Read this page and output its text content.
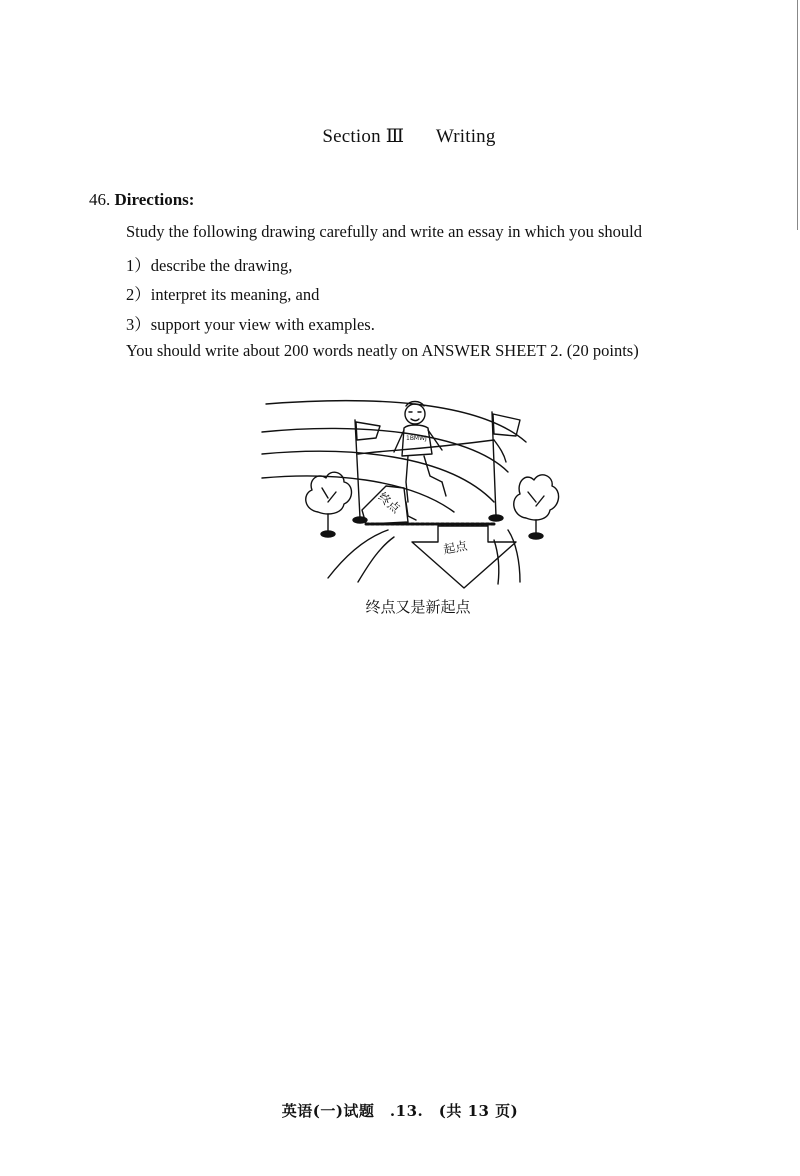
Section Ⅲ Writing
46. Directions:
Study the following drawing carefully and write an essay in which you should
1）describe the drawing,
2）interpret its meaning, and
3）support your view with examples.
You should write about 200 words neatly on ANSWER SHEET 2. (20 points)
1BMWJ
终点
起点
终点又是新起点
英语(一)试题　.13.　(共 13 页)
